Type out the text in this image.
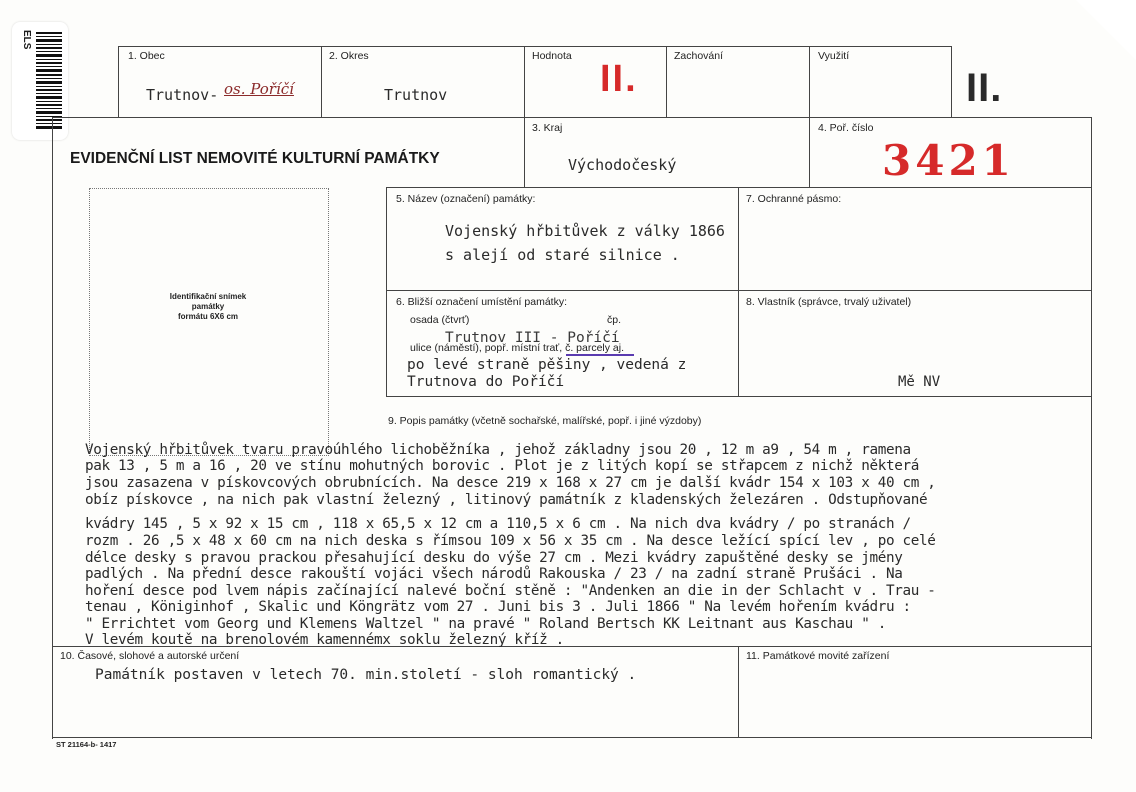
ELS
1. Obec
Trutnov- os. Poříčí
2. Okres
Trutnov
Hodnota
II.
Zachování	Využití
II.
EVIDENČNÍ LIST NEMOVITÉ KULTURNÍ PAMÁTKY
3. Kraj
Východočeský
4. Poř. číslo
3421
Identifikační snímek
památky
formátu 6X6 cm
5. Název (označení) památky:
Vojenský hřbitůvek z války 1866
s alejí od staré silnice .
7. Ochranné pásmo:
6. Bližší označení umístění památky:
osada (čtvrť)	čp.
Trutnov III - Poříčí
ulice (náměstí), popř. místní trať, č. parcely aj.
po levé straně pěšiny , vedená z
Trutnova do Poříčí
8. Vlastník (správce, trvalý uživatel)
Mě NV
9. Popis památky (včetně sochařské, malířské, popř. i jiné výzdoby)
Vojenský hřbitůvek tvaru pravoúhlého lichoběžníka , jehož základny jsou 20 , 12 m a9 , 54 m , ramena
pak 13 , 5 m a 16 , 20 ve stínu mohutných borovic . Plot je z litých kopí se střapcem z nichž některá
jsou zasazena v pískovcových obrubnících. Na desce 219 x 168 x 27 cm je další kvádr 154 x 103 x 40 cm ,
obíz pískovce , na nich pak vlastní železný , litinový památník z kladenských železáren . Odstupňované
kvádry 145 , 5 x 92 x 15 cm , 118 x 65,5 x 12 cm a 110,5 x 6 cm . Na nich dva kvádry / po stranách /
rozm . 26 ,5 x 48 x 60 cm na nich deska s římsou 109 x 56 x 35 cm . Na desce ležící spící lev , po celé
délce desky s pravou prackou přesahující desku do výše 27 cm . Mezi kvádry zapuštěné desky se jmény
padlých . Na přední desce rakouští vojáci všech národů Rakouska / 23 / na zadní straně Prušáci . Na
hoření desce pod lvem nápis začínající nalevé boční stěně : "Andenken an die in der Schlacht v . Trau -
tenau , Königinhof , Skalic und Köngrätz vom 27 . Juni bis 3 . Juli 1866 " Na levém hořením kvádru :
" Errichtet vom Georg und Klemens Waltzel " na pravé " Roland Bertsch KK Leitnant aus Kaschau " .
V levém koutě na brenolovém kamennémx soklu železný kříž .
10. Časové, slohové a autorské určení
Památník postaven v letech 70. min.století - sloh romantický .
11. Památkové movité zařízení
ST 21164-b- 1417
